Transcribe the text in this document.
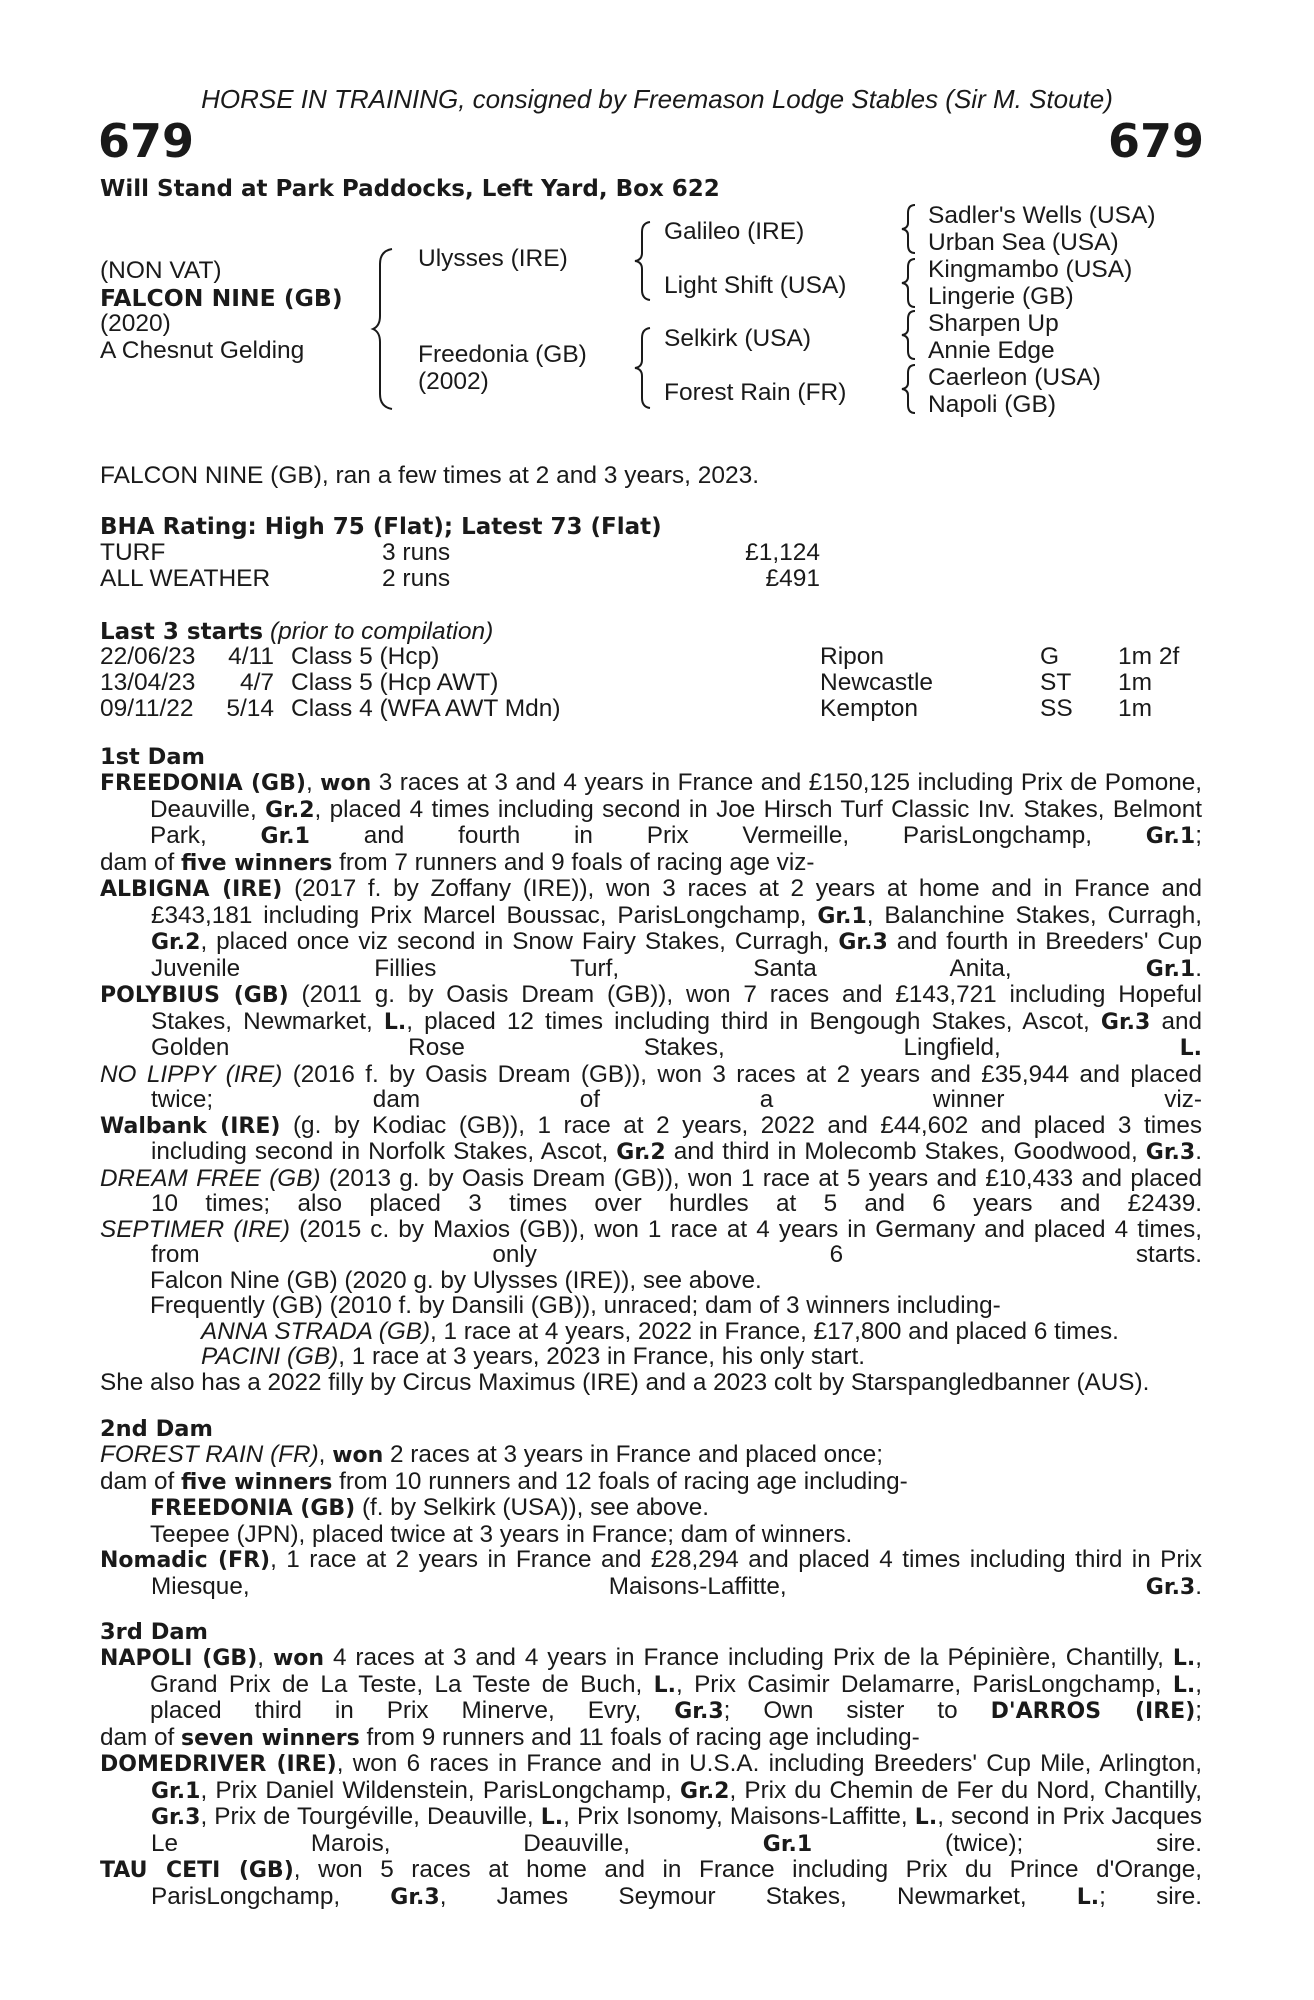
HORSE IN TRAINING, consigned by Freemason Lodge Stables (Sir M. Stoute)
679	679
Will Stand at Park Paddocks, Left Yard, Box 622
(NON VAT)
FALCON NINE (GB)
(2020)
A Chesnut Gelding
Ulysses (IRE)
Freedonia (GB)
(2002)
Galileo (IRE)
Light Shift (USA)
Selkirk (USA)
Forest Rain (FR)
Sadler's Wells (USA)
Urban Sea (USA)
Kingmambo (USA)
Lingerie (GB)
Sharpen Up
Annie Edge
Caerleon (USA)
Napoli (GB)
FALCON NINE (GB), ran a few times at 2 and 3 years, 2023.
BHA Rating: High 75 (Flat); Latest 73 (Flat)
TURF	3 runs	£1,124
ALL WEATHER	2 runs	£491
Last 3 starts (prior to compilation)
22/06/23 4/11 Class 5 (Hcp)	Ripon	G 1m 2f
13/04/23 4/7 Class 5 (Hcp AWT)	Newcastle	ST 1m
09/11/22 5/14 Class 4 (WFA AWT Mdn)	Kempton	SS 1m
1st Dam

FREEDONIA (GB), won 3 races at 3 and 4 years in France and £150,125 including Prix de Pomone, Deauville, Gr.2, placed 4 times including second in Joe Hirsch Turf Classic Inv. Stakes, Belmont Park, Gr.1 and fourth in Prix Vermeille, ParisLongchamp, Gr.1;

dam of five winners from 7 runners and 9 foals of racing age viz-

ALBIGNA (IRE) (2017 f. by Zoffany (IRE)), won 3 races at 2 years at home and in France and £343,181 including Prix Marcel Boussac, ParisLongchamp, Gr.1, Balanchine Stakes, Curragh, Gr.2, placed once viz second in Snow Fairy Stakes, Curragh, Gr.3 and fourth in Breeders' Cup Juvenile Fillies Turf, Santa Anita, Gr.1.

POLYBIUS (GB) (2011 g. by Oasis Dream (GB)), won 7 races and £143,721 including Hopeful Stakes, Newmarket, L., placed 12 times including third in Bengough Stakes, Ascot, Gr.3 and Golden Rose Stakes, Lingfield, L.

NO LIPPY (IRE) (2016 f. by Oasis Dream (GB)), won 3 races at 2 years and £35,944 and placed twice; dam of a winner viz-

Walbank (IRE) (g. by Kodiac (GB)), 1 race at 2 years, 2022 and £44,602 and placed 3 times including second in Norfolk Stakes, Ascot, Gr.2 and third in Molecomb Stakes, Goodwood, Gr.3.

DREAM FREE (GB) (2013 g. by Oasis Dream (GB)), won 1 race at 5 years and £10,433 and placed 10 times; also placed 3 times over hurdles at 5 and 6 years and £2439.

SEPTIMER (IRE) (2015 c. by Maxios (GB)), won 1 race at 4 years in Germany and placed 4 times, from only 6 starts.

Falcon Nine (GB) (2020 g. by Ulysses (IRE)), see above.

Frequently (GB) (2010 f. by Dansili (GB)), unraced; dam of 3 winners including-

ANNA STRADA (GB), 1 race at 4 years, 2022 in France, £17,800 and placed 6 times.

PACINI (GB), 1 race at 3 years, 2023 in France, his only start.

She also has a 2022 filly by Circus Maximus (IRE) and a 2023 colt by Starspangledbanner (AUS).

2nd Dam

FOREST RAIN (FR), won 2 races at 3 years in France and placed once;

dam of five winners from 10 runners and 12 foals of racing age including-

FREEDONIA (GB) (f. by Selkirk (USA)), see above.

Teepee (JPN), placed twice at 3 years in France; dam of winners.

Nomadic (FR), 1 race at 2 years in France and £28,294 and placed 4 times including third in Prix Miesque, Maisons-Laffitte, Gr.3.

3rd Dam

NAPOLI (GB), won 4 races at 3 and 4 years in France including Prix de la Pépinière, Chantilly, L., Grand Prix de La Teste, La Teste de Buch, L., Prix Casimir Delamarre, ParisLongchamp, L., placed third in Prix Minerve, Evry, Gr.3; Own sister to D'ARROS (IRE);

dam of seven winners from 9 runners and 11 foals of racing age including-

DOMEDRIVER (IRE), won 6 races in France and in U.S.A. including Breeders' Cup Mile, Arlington, Gr.1, Prix Daniel Wildenstein, ParisLongchamp, Gr.2, Prix du Chemin de Fer du Nord, Chantilly, Gr.3, Prix de Tourgéville, Deauville, L., Prix Isonomy, Maisons-Laffitte, L., second in Prix Jacques Le Marois, Deauville, Gr.1 (twice); sire.

TAU CETI (GB), won 5 races at home and in France including Prix du Prince d'Orange, ParisLongchamp, Gr.3, James Seymour Stakes, Newmarket, L.; sire.
